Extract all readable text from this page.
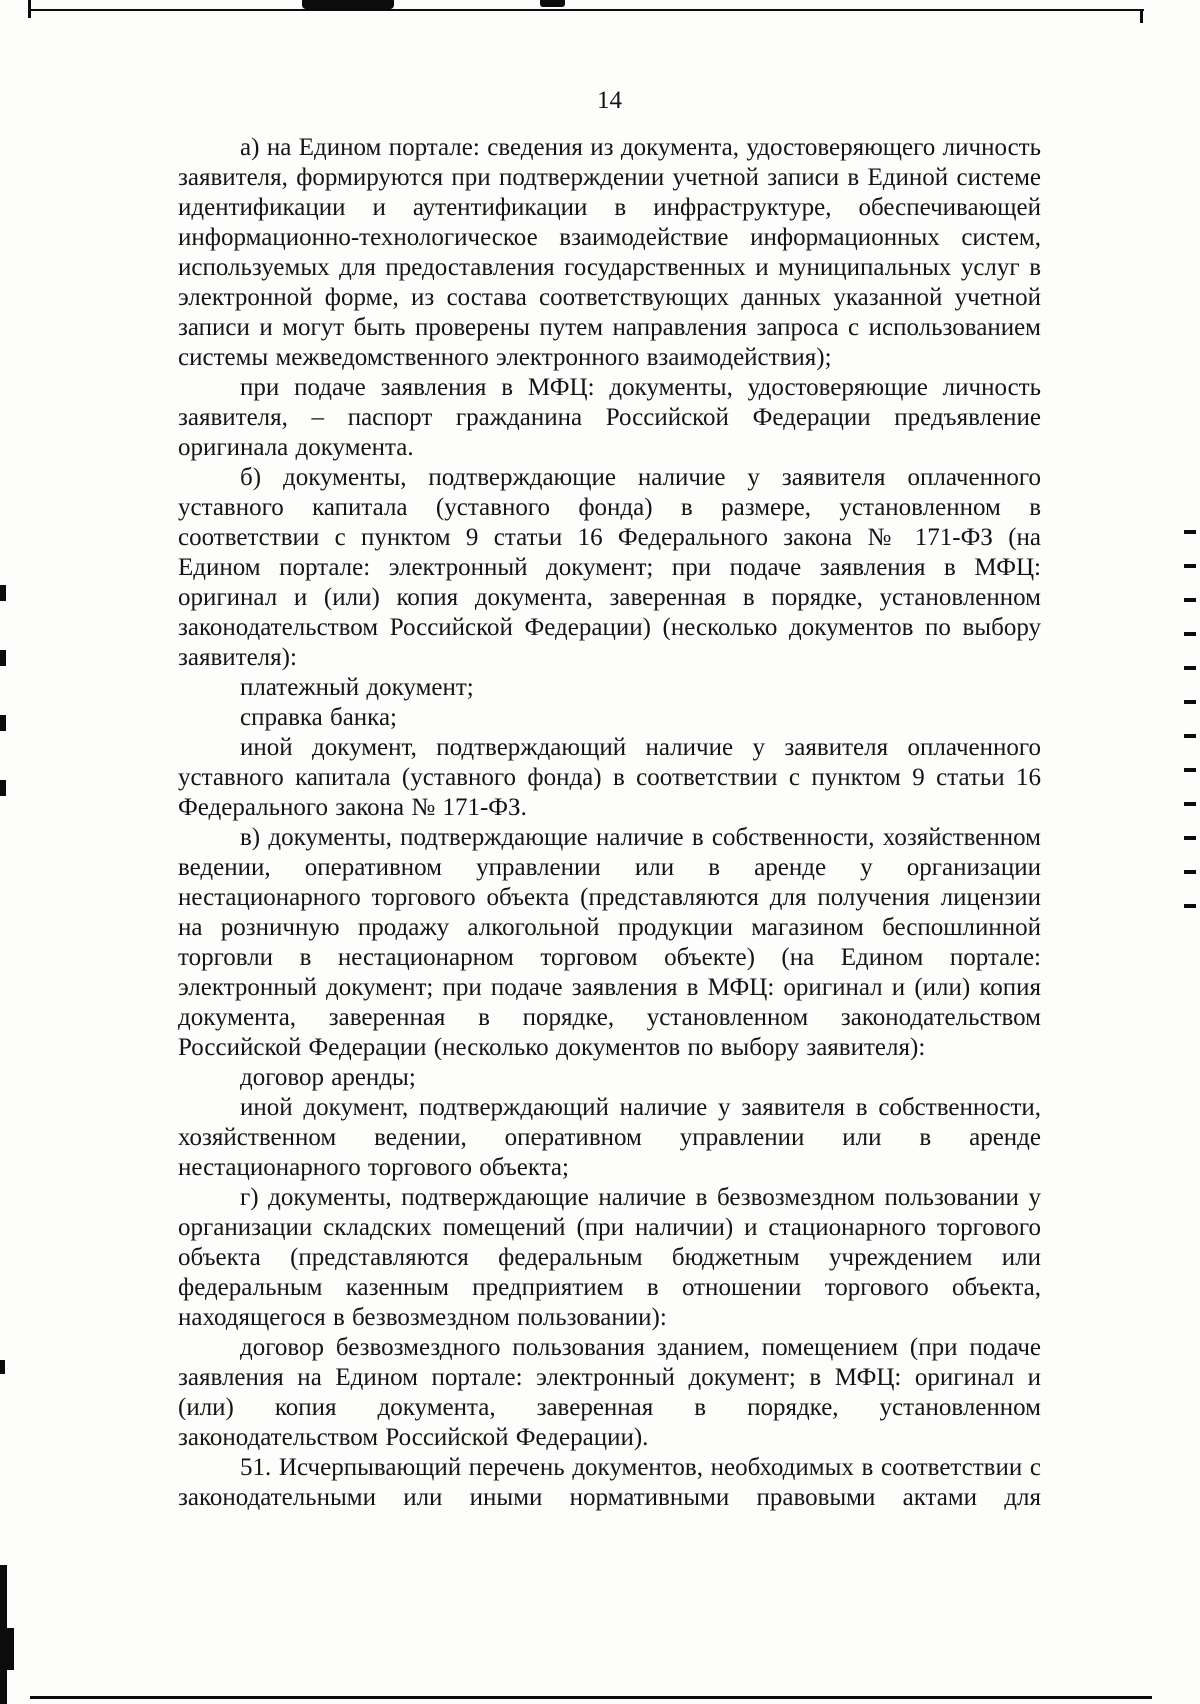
14

а) на Едином портале: сведения из документа, удостоверяющего личность заявителя, формируются при подтверждении учетной записи в Единой системе идентификации и аутентификации в инфраструктуре, обеспечивающей информационно-технологическое взаимодействие информационных систем, используемых для предоставления государственных и муниципальных услуг в электронной форме, из состава соответствующих данных указанной учетной записи и могут быть проверены путем направления запроса с использованием системы межведомственного электронного взаимодействия);

при подаче заявления в МФЦ: документы, удостоверяющие личность заявителя, – паспорт гражданина Российской Федерации предъявление оригинала документа.

б) документы, подтверждающие наличие у заявителя оплаченного уставного капитала (уставного фонда) в размере, установленном в соответствии с пунктом 9 статьи 16 Федерального закона № 171-ФЗ (на Едином портале: электронный документ; при подаче заявления в МФЦ: оригинал и (или) копия документа, заверенная в порядке, установленном законодательством Российской Федерации) (несколько документов по выбору заявителя):

платежный документ;

справка банка;

иной документ, подтверждающий наличие у заявителя оплаченного уставного капитала (уставного фонда) в соответствии с пунктом 9 статьи 16 Федерального закона № 171-ФЗ.

в) документы, подтверждающие наличие в собственности, хозяйственном ведении, оперативном управлении или в аренде у организации нестационарного торгового объекта (представляются для получения лицензии на розничную продажу алкогольной продукции магазином беспошлинной торговли в нестационарном торговом объекте) (на Едином портале: электронный документ; при подаче заявления в МФЦ: оригинал и (или) копия документа, заверенная в порядке, установленном законодательством Российской Федерации (несколько документов по выбору заявителя):

договор аренды;

иной документ, подтверждающий наличие у заявителя в собственности, хозяйственном ведении, оперативном управлении или в аренде нестационарного торгового объекта;

г) документы, подтверждающие наличие в безвозмездном пользовании у организации складских помещений (при наличии) и стационарного торгового объекта (представляются федеральным бюджетным учреждением или федеральным казенным предприятием в отношении торгового объекта, находящегося в безвозмездном пользовании):

договор безвозмездного пользования зданием, помещением (при подаче заявления на Едином портале: электронный документ; в МФЦ: оригинал и (или) копия документа, заверенная в порядке, установленном законодательством Российской Федерации).

51. Исчерпывающий перечень документов, необходимых в соответствии с законодательными или иными нормативными правовыми актами для
